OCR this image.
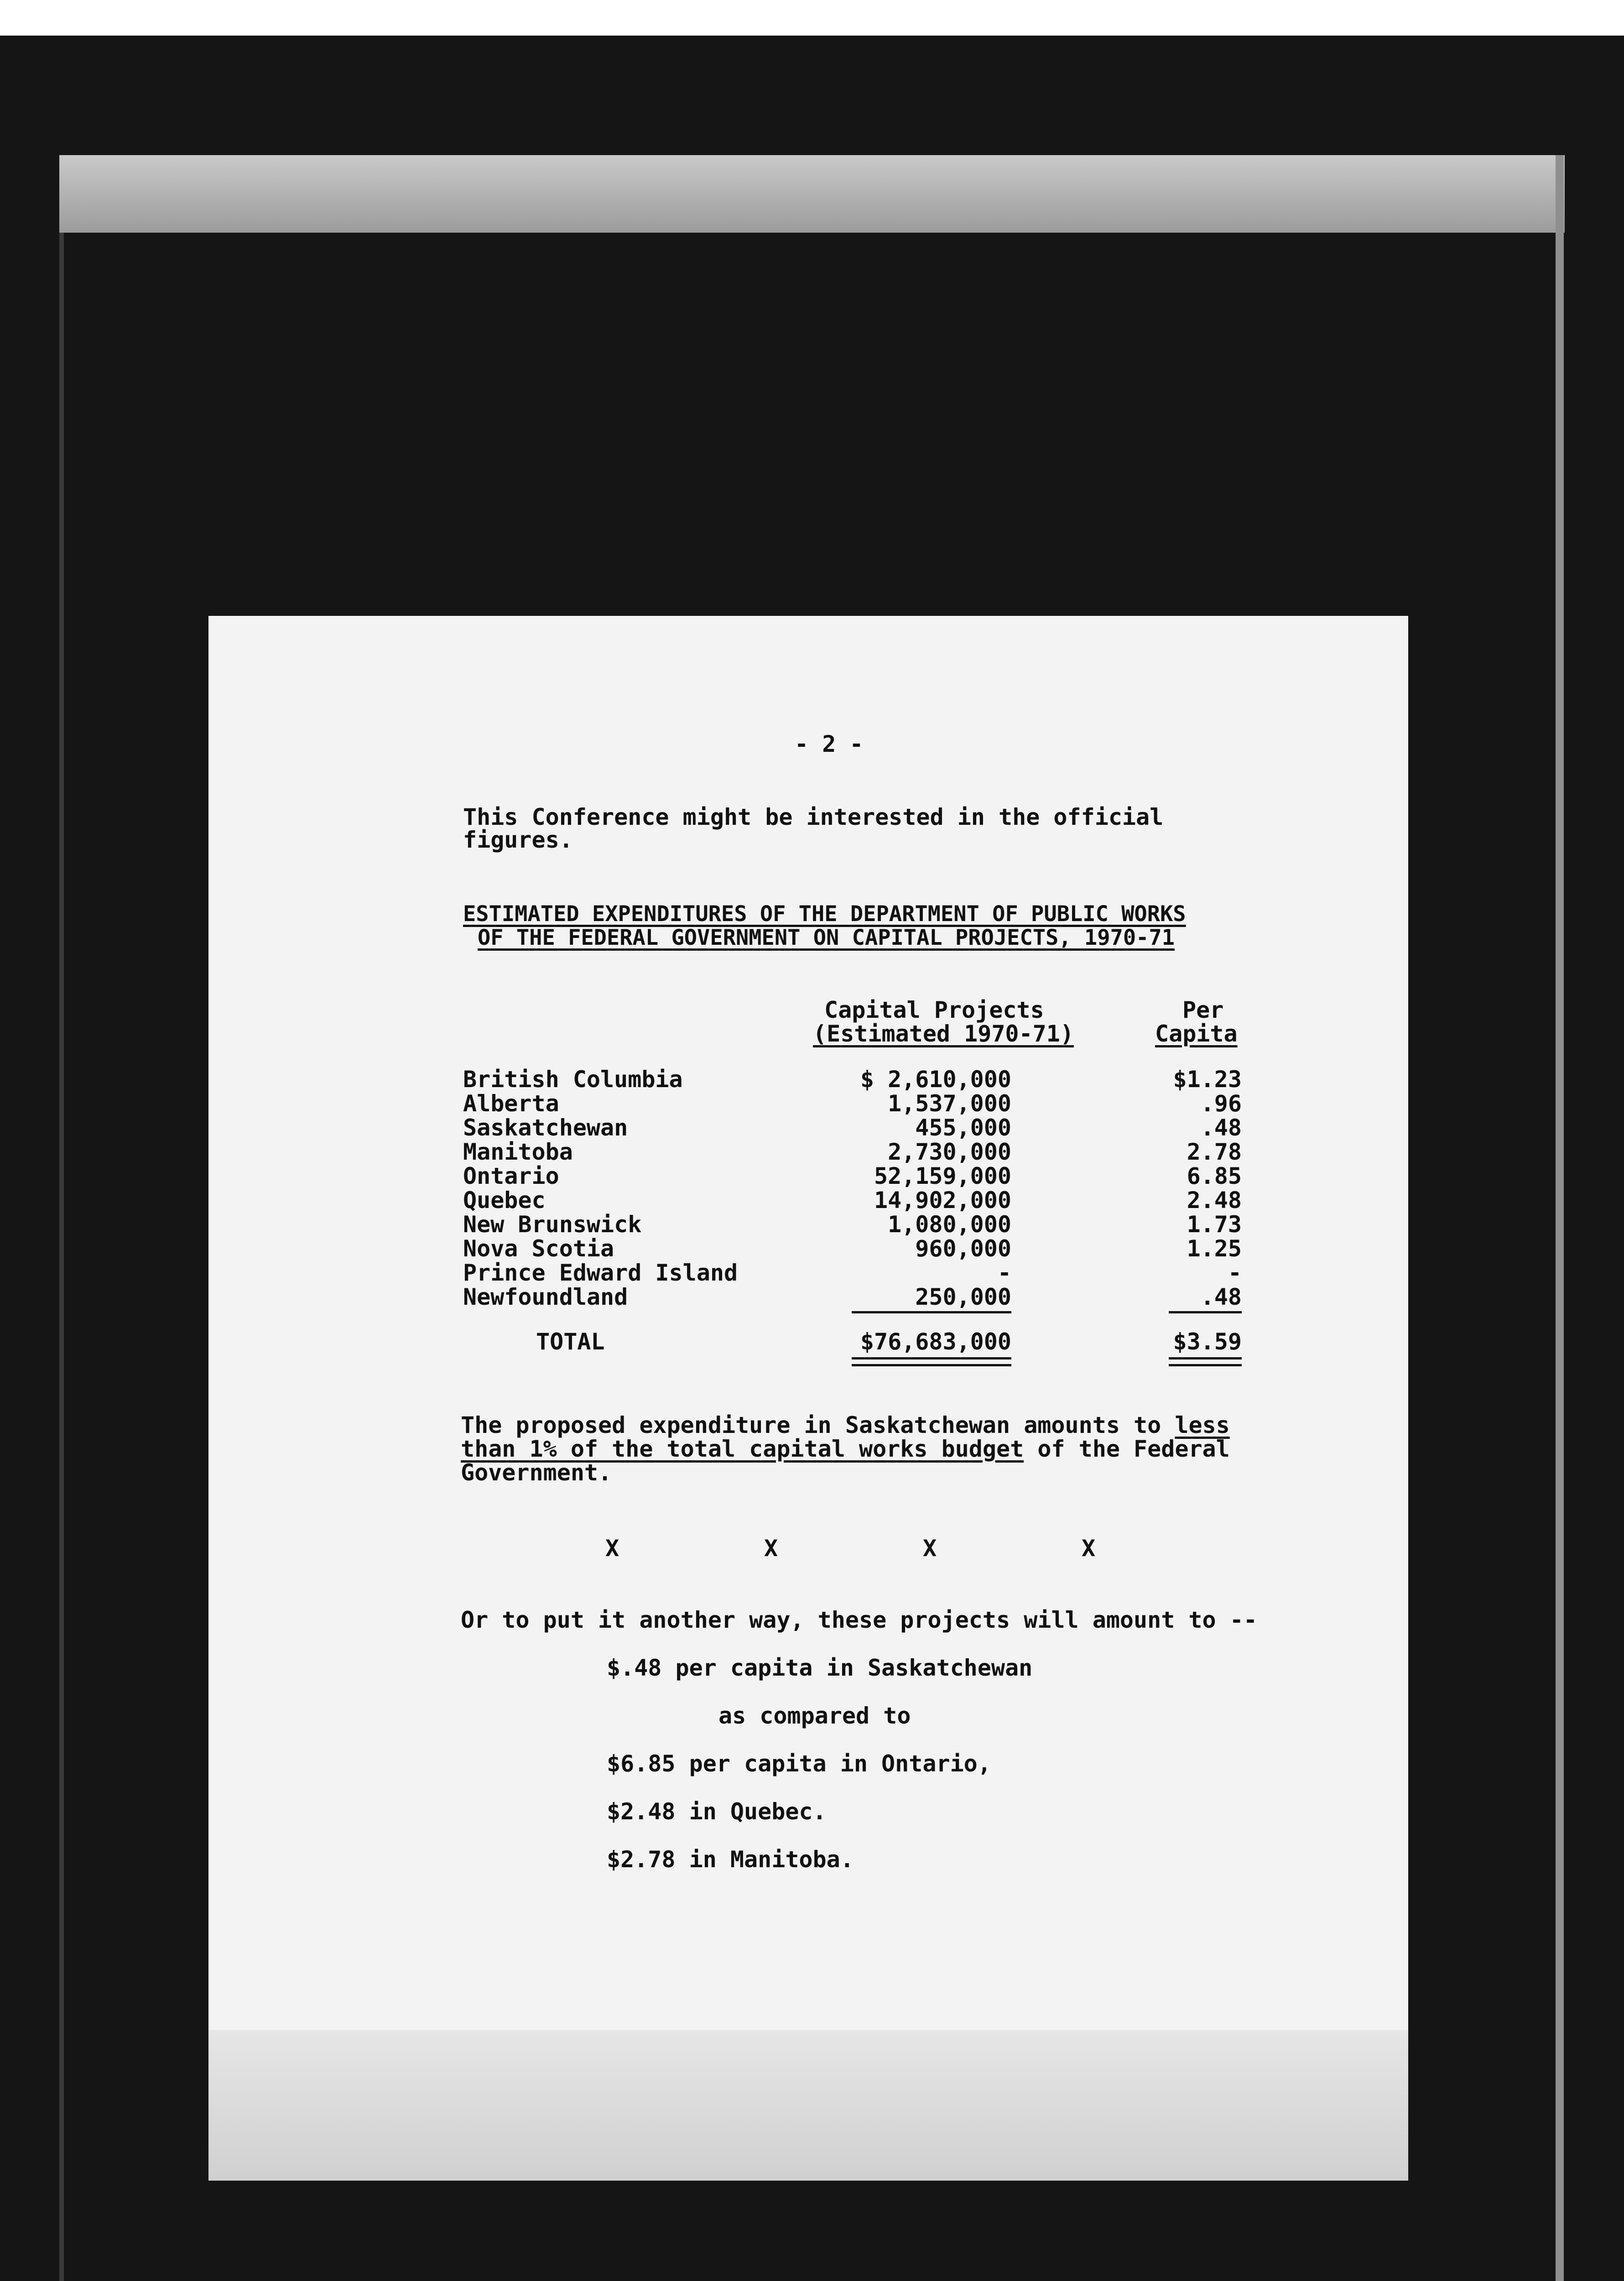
- 2 -
This Conference might be interested in the official
figures.
ESTIMATED EXPENDITURES OF THE DEPARTMENT OF PUBLIC WORKS
OF THE FEDERAL GOVERNMENT ON CAPITAL PROJECTS, 1970-71
Capital Projects
(Estimated 1970-71)
Per
Capita
British Columbia	$ 2,610,000	$1.23
Alberta	1,537,000	.96
Saskatchewan	455,000	.48
Manitoba	2,730,000	2.78
Ontario	52,159,000	6.85
Quebec	14,902,000	2.48
New Brunswick	1,080,000	1.73
Nova Scotia	960,000	1.25
Prince Edward Island	-	-
Newfoundland	250,000	.48
TOTAL	$76,683,000	$3.59
The proposed expenditure in Saskatchewan amounts to less
than 1% of the total capital works budget of the Federal
Government.
X	X	X	X
Or to put it another way, these projects will amount to --
$.48 per capita in Saskatchewan
as compared to
$6.85 per capita in Ontario,
$2.48 in Quebec.
$2.78 in Manitoba.
